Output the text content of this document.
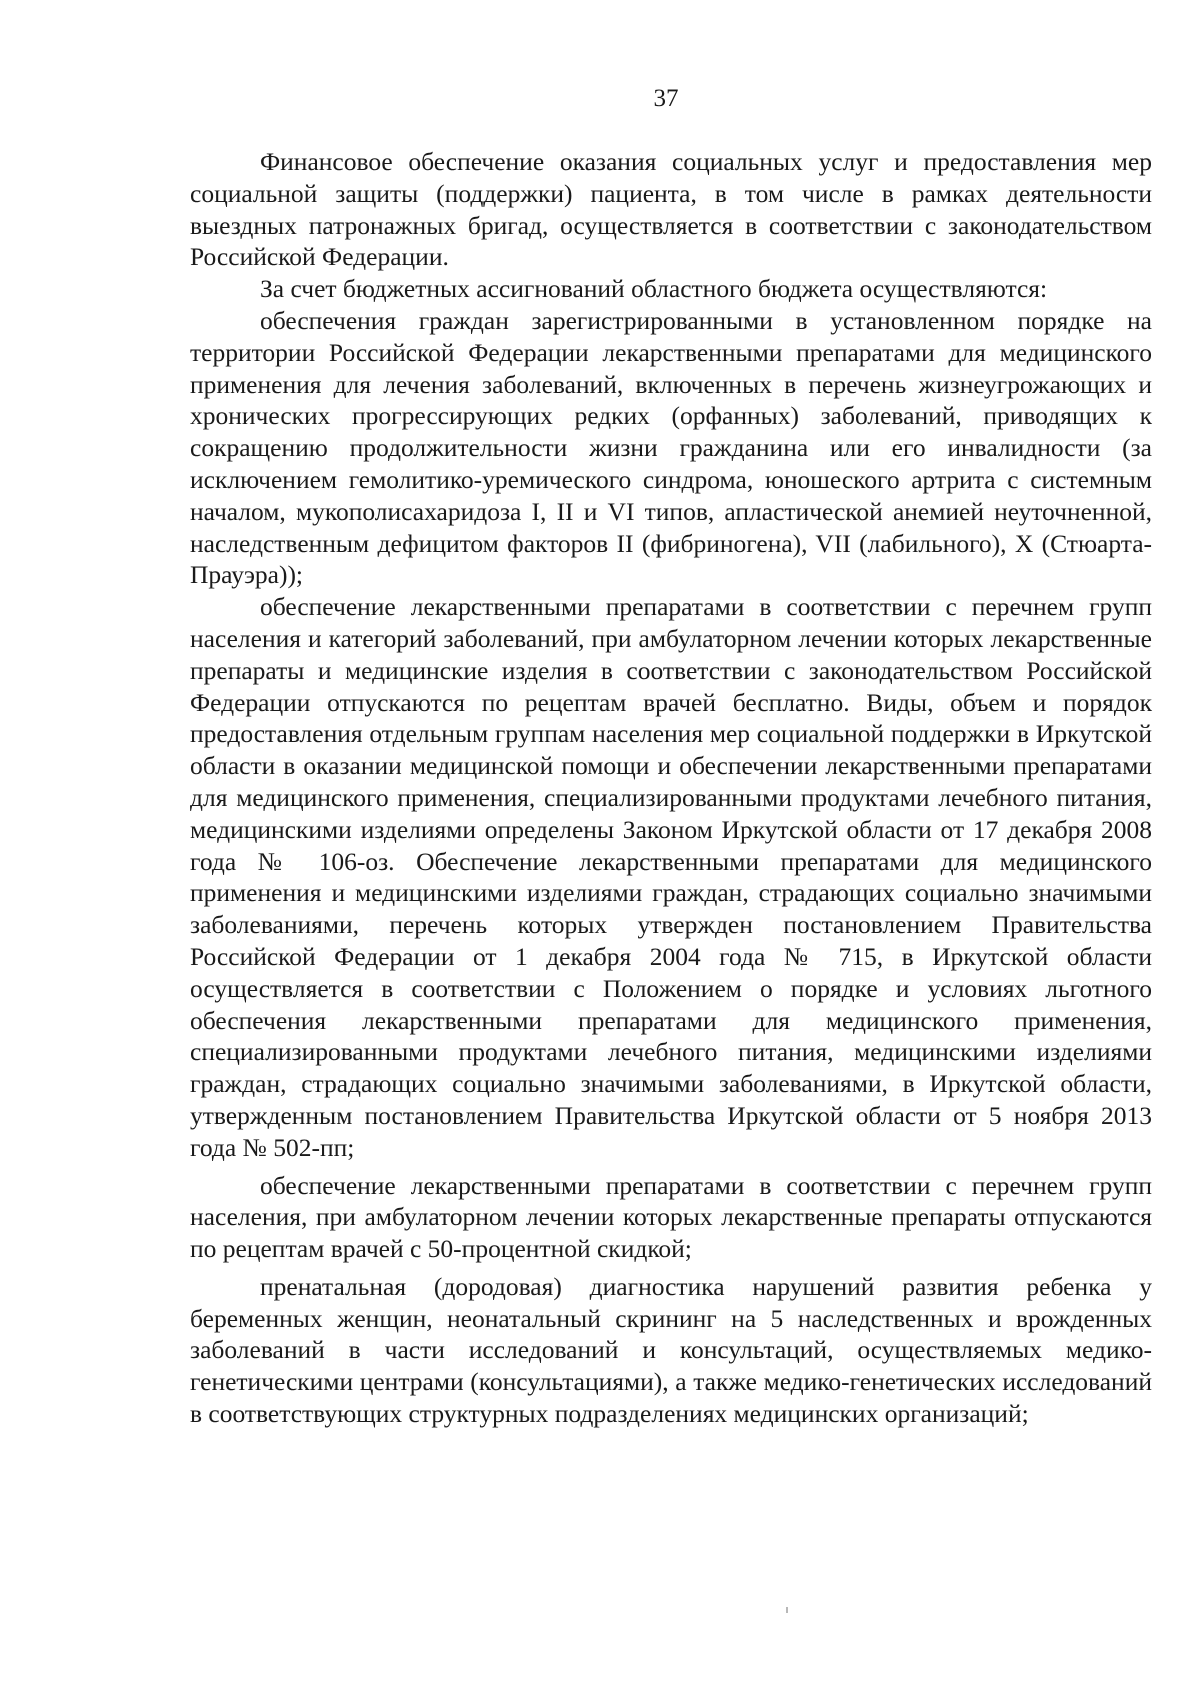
37

Финансовое обеспечение оказания социальных услуг и предоставления мер социальной защиты (поддержки) пациента, в том числе в рамках деятельности выездных патронажных бригад, осуществляется в соответствии с законодательством Российской Федерации.

За счет бюджетных ассигнований областного бюджета осуществляются:

обеспечения граждан зарегистрированными в установленном порядке на территории Российской Федерации лекарственными препаратами для медицинского применения для лечения заболеваний, включенных в перечень жизнеугрожающих и хронических прогрессирующих редких (орфанных) заболеваний, приводящих к сокращению продолжительности жизни гражданина или его инвалидности (за исключением гемолитико-уремического синдрома, юношеского артрита с системным началом, мукополисахаридоза I, II и VI типов, апластической анемией неуточненной, наследственным дефицитом факторов II (фибриногена), VII (лабильного), X (Стюарта-Прауэра));

обеспечение лекарственными препаратами в соответствии с перечнем групп населения и категорий заболеваний, при амбулаторном лечении которых лекарственные препараты и медицинские изделия в соответствии с законодательством Российской Федерации отпускаются по рецептам врачей бесплатно. Виды, объем и порядок предоставления отдельным группам населения мер социальной поддержки в Иркутской области в оказании медицинской помощи и обеспечении лекарственными препаратами для медицинского применения, специализированными продуктами лечебного питания, медицинскими изделиями определены Законом Иркутской области от 17 декабря 2008 года № 106-оз. Обеспечение лекарственными препаратами для медицинского применения и медицинскими изделиями граждан, страдающих социально значимыми заболеваниями, перечень которых утвержден постановлением Правительства Российской Федерации от 1 декабря 2004 года № 715, в Иркутской области осуществляется в соответствии с Положением о порядке и условиях льготного обеспечения лекарственными препаратами для медицинского применения, специализированными продуктами лечебного питания, медицинскими изделиями граждан, страдающих социально значимыми заболеваниями, в Иркутской области, утвержденным постановлением Правительства Иркутской области от 5 ноября 2013 года № 502-пп;

обеспечение лекарственными препаратами в соответствии с перечнем групп населения, при амбулаторном лечении которых лекарственные препараты отпускаются по рецептам врачей с 50-процентной скидкой;

пренатальная (дородовая) диагностика нарушений развития ребенка у беременных женщин, неонатальный скрининг на 5 наследственных и врожденных заболеваний в части исследований и консультаций, осуществляемых медико-генетическими центрами (консультациями), а также медико-генетических исследований в соответствующих структурных подразделениях медицинских организаций;
